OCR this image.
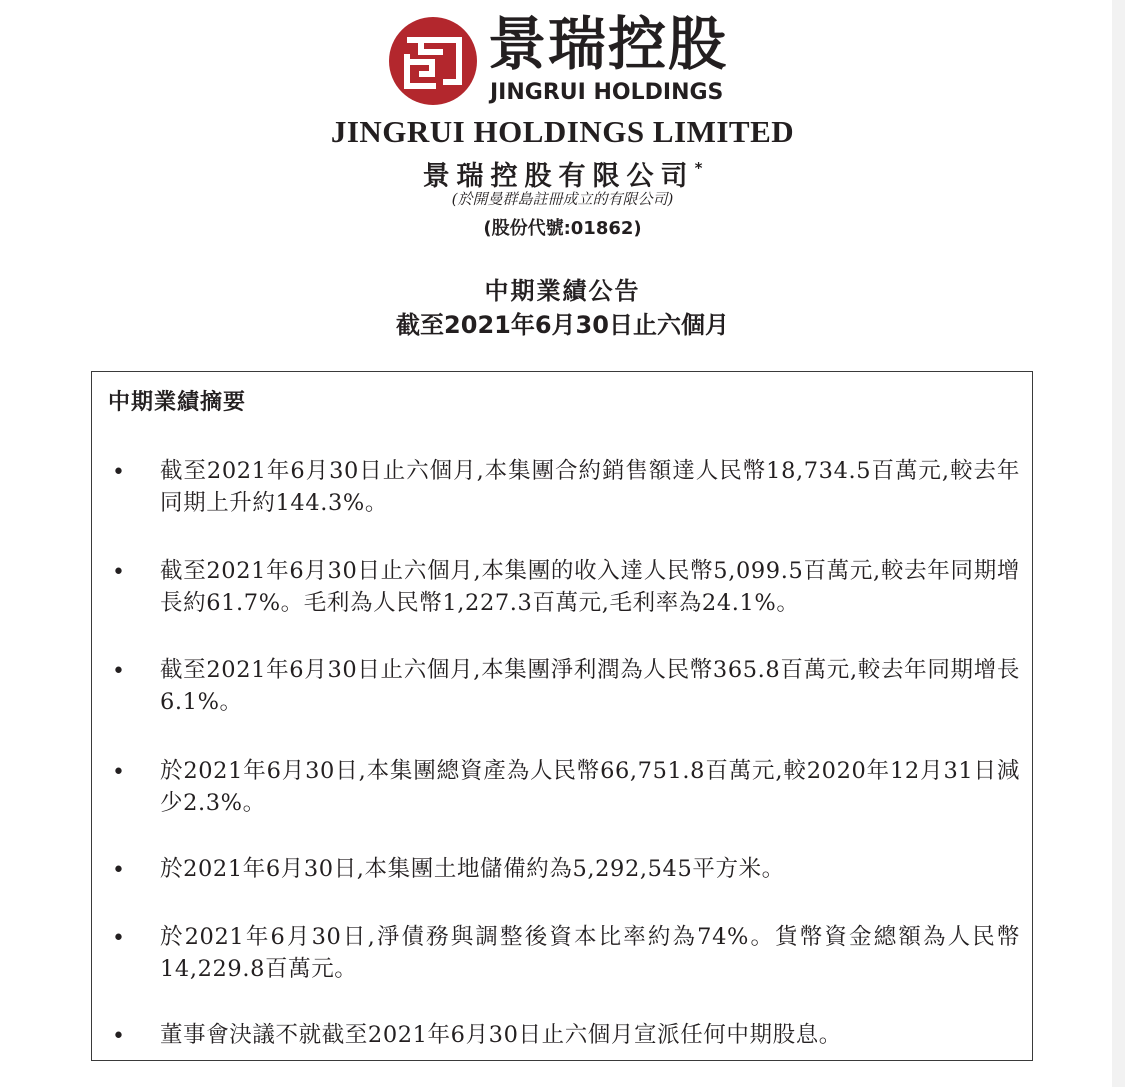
景瑞控股
JINGRUI HOLDINGS
JINGRUI HOLDINGS LIMITED
景瑞控股有限公司*
(於開曼群島註冊成立的有限公司)
(股份代號:01862)
中期業績公告
截至2021年6月30日止六個月
中期業績摘要
• 截至2021年6月30日止六個月,本集團合約銷售額達人民幣18,734.5百萬元,較去年同期上升約144.3%。
• 截至2021年6月30日止六個月,本集團的收入達人民幣5,099.5百萬元,較去年同期增長約61.7%。毛利為人民幣1,227.3百萬元,毛利率為24.1%。
• 截至2021年6月30日止六個月,本集團淨利潤為人民幣365.8百萬元,較去年同期增長6.1%。
• 於2021年6月30日,本集團總資產為人民幣66,751.8百萬元,較2020年12月31日減少2.3%。
• 於2021年6月30日,本集團土地儲備約為5,292,545平方米。
• 於2021年6月30日,淨債務與調整後資本比率約為74%。貨幣資金總額為人民幣14,229.8百萬元。
• 董事會決議不就截至2021年6月30日止六個月宣派任何中期股息。
